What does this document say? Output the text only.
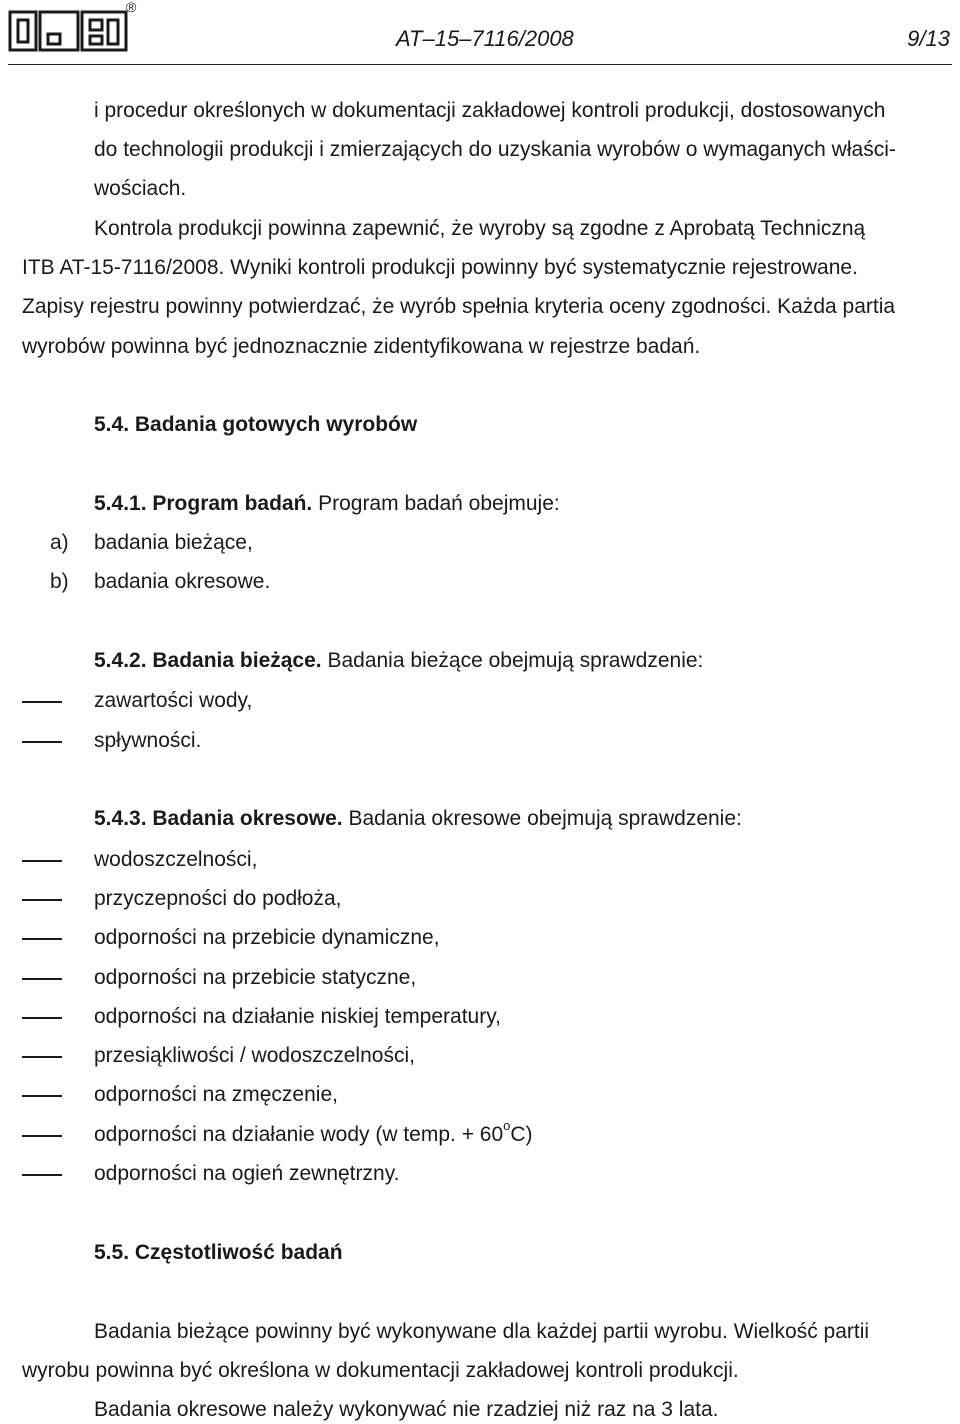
®
AT‒15‒7116/2008	9/13
i procedur określonych w dokumentacji zakładowej kontroli produkcji, dostosowanych
do technologii produkcji i zmierzających do uzyskania wyrobów o wymaganych właści-
wościach.
Kontrola produkcji powinna zapewnić, że wyroby są zgodne z Aprobatą Techniczną
ITB AT-15-7116/2008. Wyniki kontroli produkcji powinny być systematycznie rejestrowane.
Zapisy rejestru powinny potwierdzać, że wyrób spełnia kryteria oceny zgodności. Każda partia
wyrobów powinna być jednoznacznie zidentyfikowana w rejestrze badań.
5.4. Badania gotowych wyrobów
5.4.1. Program badań. Program badań obejmuje:
a) badania bieżące,
b) badania okresowe.
5.4.2. Badania bieżące. Badania bieżące obejmują sprawdzenie:
zawartości wody,
spływności.
5.4.3. Badania okresowe. Badania okresowe obejmują sprawdzenie:
wodoszczelności,
przyczepności do podłoża,
odporności na przebicie dynamiczne,
odporności na przebicie statyczne,
odporności na działanie niskiej temperatury,
przesiąkliwości / wodoszczelności,
odporności na zmęczenie,
odporności na działanie wody (w temp. + $60^oC$)
odporności na ogień zewnętrzny.
5.5. Częstotliwość badań
Badania bieżące powinny być wykonywane dla każdej partii wyrobu. Wielkość partii
wyrobu powinna być określona w dokumentacji zakładowej kontroli produkcji.
Badania okresowe należy wykonywać nie rzadziej niż raz na 3 lata.
